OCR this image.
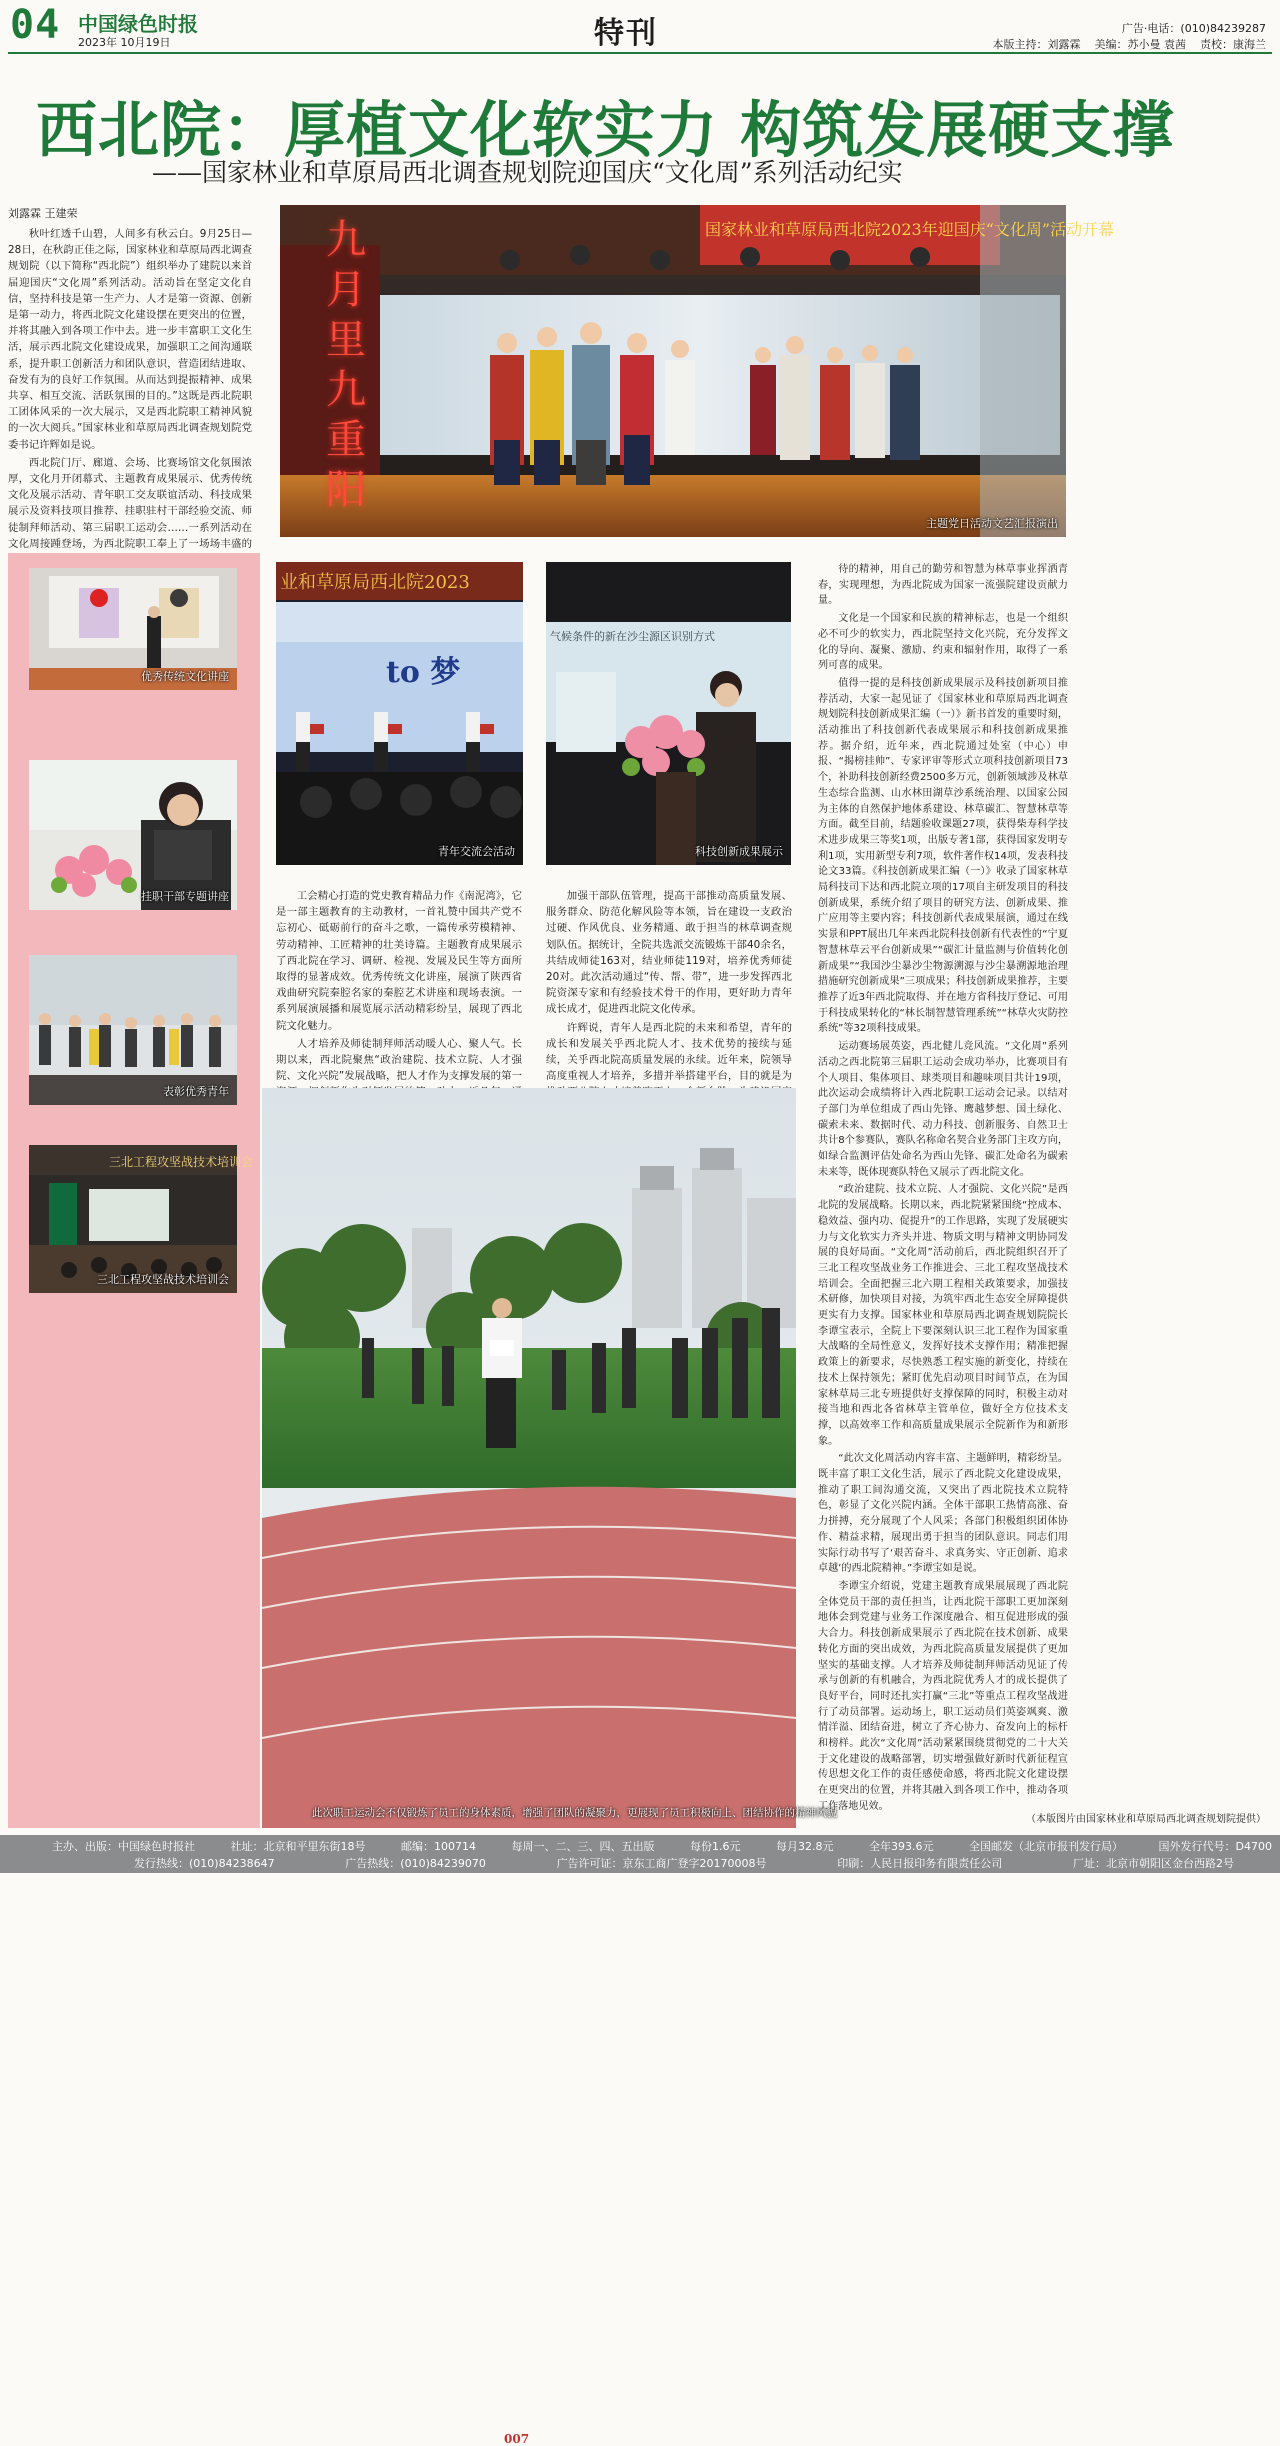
04 中国绿色时报
2023年 10月19日	特刊	广告·电话：(010)84239287
本版主持：刘露霖    美编：苏小曼 袁茜    责校：康海兰
西北院：厚植文化软实力 构筑发展硬支撑
——国家林业和草原局西北调查规划院迎国庆“文化周”系列活动纪实
刘露霖 王建荣

秋叶红透千山碧，人间多有秋云白。9月25日—28日，在秋韵正佳之际，国家林业和草原局西北调查规划院（以下简称“西北院”）组织举办了建院以来首届迎国庆“文化周”系列活动。活动旨在坚定文化自信，坚持科技是第一生产力、人才是第一资源、创新是第一动力，将西北院文化建设摆在更突出的位置，并将其融入到各项工作中去。进一步丰富职工文化生活，展示西北院文化建设成果，加强职工之间沟通联系，提升职工创新活力和团队意识，营造团结进取、奋发有为的良好工作氛围。从而达到提振精神、成果共享、相互交流、活跃氛围的目的。”这既是西北院职工团体风采的一次大展示，又是西北院职工精神风貌的一次大阅兵。”国家林业和草原局西北调查规划院党委书记许辉如是说。

西北院门厅、廊道、会场、比赛场馆文化氛围浓厚，文化月开闭幕式、主题教育成果展示、优秀传统文化及展示活动、青年职工交友联谊活动、科技成果展示及资料技项目推荐、挂职驻村干部经验交流、师徒制拜师活动、第三届职工运动会……一系列活动在文化周接踵登场，为西北院职工奉上了一场场丰盛的

国家林业和草原局西北院2023年迎国庆“文化周”活动开幕
九月里九重阳
主题党日活动文艺汇报演出
优秀传统文化讲座
挂职干部专题讲座
表彰优秀青年
三北工程攻坚战技术培训会
三北工程攻坚战技术培训会
业和草原局西北院2023
to 梦
青年交流会活动
气候条件的新在沙尘源区识别方式
科技创新成果展示

工会精心打造的党史教育精品力作《南泥湾》，它是一部主题教育的主动教材，一首礼赞中国共产党不忘初心、砥砺前行的奋斗之歌，一篇传承劳模精神、劳动精神、工匠精神的壮美诗篇。主题教育成果展示了西北院在学习、调研、检视、发展及民生等方面所取得的显著成效。优秀传统文化讲座，展演了陕西省戏曲研究院秦腔名家的秦腔艺术讲座和现场表演。一系列展演展播和展览展示活动精彩纷呈，展现了西北院文化魅力。

人才培养及师徒制拜师活动暖人心、聚人气。长期以来，西北院聚焦“政治建院、技术立院、人才强院、文化兴院”发展战略，把人才作为支撑发展的第一

加强干部队伍管理，提高干部推动高质量发展、服务群众、防范化解风险等本领，旨在建设一支政治过硬、作风优良、业务精通、敢于担当的林草调查规划队伍。据统计，全院共选派交流锻炼干部40余名，共结成师徒163对，结业师徒119对，培养优秀师徒20对。此次活动通过“传、帮、带”，进一步发挥西北院资深专家和有经验技术骨干的作用，更好助力青年成长成才，促进西北院文化传承。

许辉说，青年人是西北院的未来和希望，青年的成长和发展关乎西北院人才、技术优势的接续与延续，关乎西北院高质量发展的永续。近年来，院领导高度重视人才培养，多措并举搭建平台，目的就是为

待的精神，用自己的勤劳和智慧为林草事业挥洒青春，实现理想，为西北院成为国家一流强院建设贡献力量。

文化是一个国家和民族的精神标志，也是一个组织必不可少的软实力，西北院坚持文化兴院，充分发挥文化的导向、凝聚、激励、约束和辐射作用，取得了一系列可喜的成果。

值得一提的是科技创新成果展示及科技创新项目推荐活动，大家一起见证了《国家林业和草原局西北调查规划院科技创新成果汇编（一）》新书首发的重要时刻，活动推出了科技创新代表成果展示和科技创新成果推荐。据介绍，近年来，西北院通过处室（中心）申报、“揭榜挂帅”、专家评审等形式立项科技创新项目73个，补助科技创新经费2500多万元，创新领域涉及林草生态综合监测、山水林田湖草沙系统治理、以国家公园为主体的自然保护地体系建设、林草碳汇、智慧林草等方面。截至目前，结题验收课题27项，获得柴寿科学技术进步成果三等奖1项，出版专著1部，获得国家发明专利1项，实用新型专利7项，软件著作权14项，发表科技论文33篇。《科技创新成果汇编（一）》收录了国家林草局科技司下达和西北院立项的17项自主研发项目的科技创新成果，系统介绍了项目的研究方法、创新成果、推广应用等主要内容；科技创新代表成果展演，通过在线实景和PPT展出几年来西北院科技创新有代表性的“宁夏智慧林草云平台创新成果”“碳汇计量监测与价值转化创新成果”“我国沙尘暴沙尘物源溯源与沙尘暴溯源地治理措施研究创新成果”三项成果；科技创新成果推荐，主要推荐了近3年西北院取得、并在地方省科技厅登记、可用于科技成果转化的“林长制智慧管理系统”“林草火灾防控系统”等32项科技成果。

运动赛场展英姿，西北健儿竞风流。“文化周”系列活动之西北院第三届职工运动会成功举办，比赛项目有个人项目、集体项目、球类项目和趣味项目共计19项，此次运动会成绩将计入西北院职工运动会记录。以结对子部门为单位组成了西山先锋、鹰越梦想、国土绿化、碳索未来、数据时代、动力科技、创新服务、自然卫士共计8个参赛队，赛队名称命名契合业务部门主攻方向，如绿合监测评估处命名为西山先锋、碳汇处命名为碳索未来等，既体现赛队特色又展示了西北院文化。

“政治建院、技术立院、人才强院、文化兴院”是西北院的发展战略。长期以来，西北院紧紧围绕“控成本、稳效益、强内功、促提升”的工作思路，实现了发展硬实力与文化软实力齐头并进、物质文明与精神文明协同发展的良好局面。“文化周”活动前后，西北院组织召开了三北工程攻坚战业务工作推进会、三北工程攻坚战技术培训会。全面把握三北六期工程相关政策要求，加强技术研修，加快项目对接，为筑牢西北生态安全屏障提供更实有力支撑。国家林业和草原局西北调查规划院院长李谭宝表示，全院上下要深刻认识三北工程作为国家重大战略的全局性意义，发挥好技术支撑作用；精准把握政策上的新要求，尽快熟悉工程实施的新变化，持续在技术上保持领先；紧盯优先启动项目时间节点，在为国家林草局三北专班提供好支撑保障的同时，积极主动对接当地和西北各省林草主管单位，做好全方位技术支撑，以高效率工作和高质量成果展示全院新作为和新形象。

“此次文化周活动内容丰富、主题鲜明，精彩纷呈。既丰富了职工文化生活，展示了西北院文化建设成果，推动了职工间沟通交流，又突出了西北院技术立院特色，彰显了文化兴院内涵。全体干部职工热情高涨、奋力拼搏，充分展现了个人风采；各部门积极组织团体协作、精益求精，展现出勇于担当的团队意识。同志们用实际行动书写了‘艰苦奋斗、求真务实、守正创新、追求卓越’的西北院精神。”李谭宝如是说。

李谭宝介绍说，党建主题教育成果展展现了西北院全体党员干部的责任担当，让西北院干部职工更加深刻地体会到党建与业务工作深度融合、相互促进形成的强大合力。科技创新成果展示了西北院在技术创新、成果转化方面的突出成效，为西北院高质量发展提供了更加坚实的基础支撑。人才培养及师徒制拜师活动见证了传承与创新的有机融合，为西北院优秀人才的成长提供了良好平台，同时还扎实打赢“三北”等重点工程攻坚战进行了动员部署。运动场上，职工运动员们英姿飒爽、激情洋溢、团结奋进，树立了齐心协力、奋发向上的标杆和榜样。此次“文化周”活动紧紧围绕贯彻党的二十大关于文化建设的战略部署，切实增强做好新时代新征程宣传思想文化工作的责任感使命感，将西北院文化建设摆在更突出的位置，并将其融入到各项工作中，推动各项工作落地见效。

（本版图片由国家林业和草原局西北调查规划院提供）
007
此次职工运动会不仅锻炼了员工的身体素质，增强了团队的凝聚力，更展现了员工积极向上、团结协作的精神风貌
主办、出版：中国绿色时报社	社址：北京和平里东街18号	邮编：100714	每周一、二、三、四、五出版	每份1.6元	每月32.8元	全年393.6元	全国邮发（北京市报刊发行局）	国外发行代号：D4700
发行热线：(010)84238647	广告热线：(010)84239070	广告许可证：京东工商广登字20170008号	印刷：人民日报印务有限责任公司	厂址：北京市朝阳区金台西路2号
